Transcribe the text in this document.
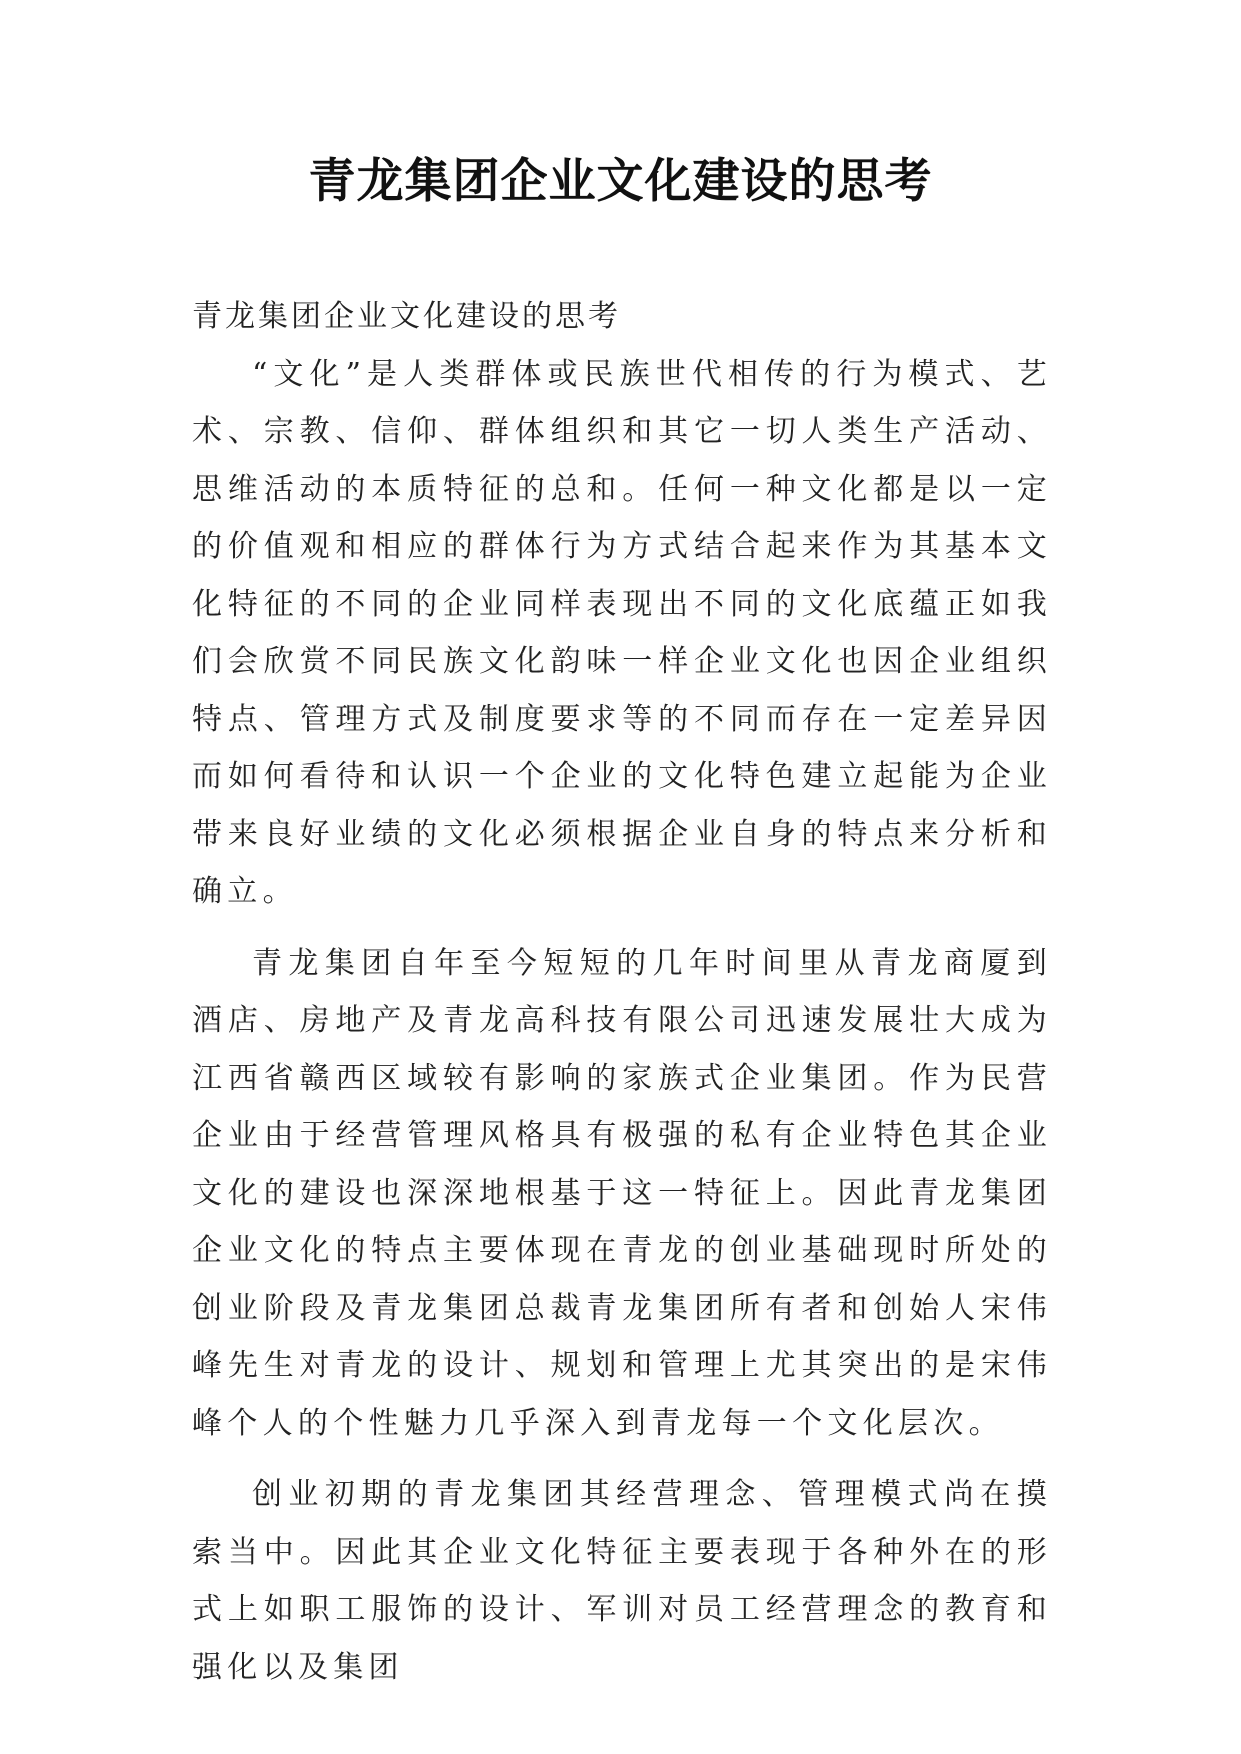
青龙集团企业文化建设的思考

青龙集团企业文化建设的思考

“文化”是人类群体或民族世代相传的行为模式、艺术、宗教、信仰、群体组织和其它一切人类生产活动、思维活动的本质特征的总和。任何一种文化都是以一定的价值观和相应的群体行为方式结合起来作为其基本文化特征的不同的企业同样表现出不同的文化底蕴正如我们会欣赏不同民族文化韵味一样企业文化也因企业组织特点、管理方式及制度要求等的不同而存在一定差异因而如何看待和认识一个企业的文化特色建立起能为企业带来良好业绩的文化必须根据企业自身的特点来分析和确立。

青龙集团自年至今短短的几年时间里从青龙商厦到酒店、房地产及青龙高科技有限公司迅速发展壮大成为江西省赣西区域较有影响的家族式企业集团。作为民营企业由于经营管理风格具有极强的私有企业特色其企业文化的建设也深深地根基于这一特征上。因此青龙集团企业文化的特点主要体现在青龙的创业基础现时所处的创业阶段及青龙集团总裁青龙集团所有者和创始人宋伟峰先生对青龙的设计、规划和管理上尤其突出的是宋伟峰个人的个性魅力几乎深入到青龙每一个文化层次。

创业初期的青龙集团其经营理念、管理模式尚在摸索当中。因此其企业文化特征主要表现于各种外在的形式上如职工服饰的设计、军训对员工经营理念的教育和强化以及集团
